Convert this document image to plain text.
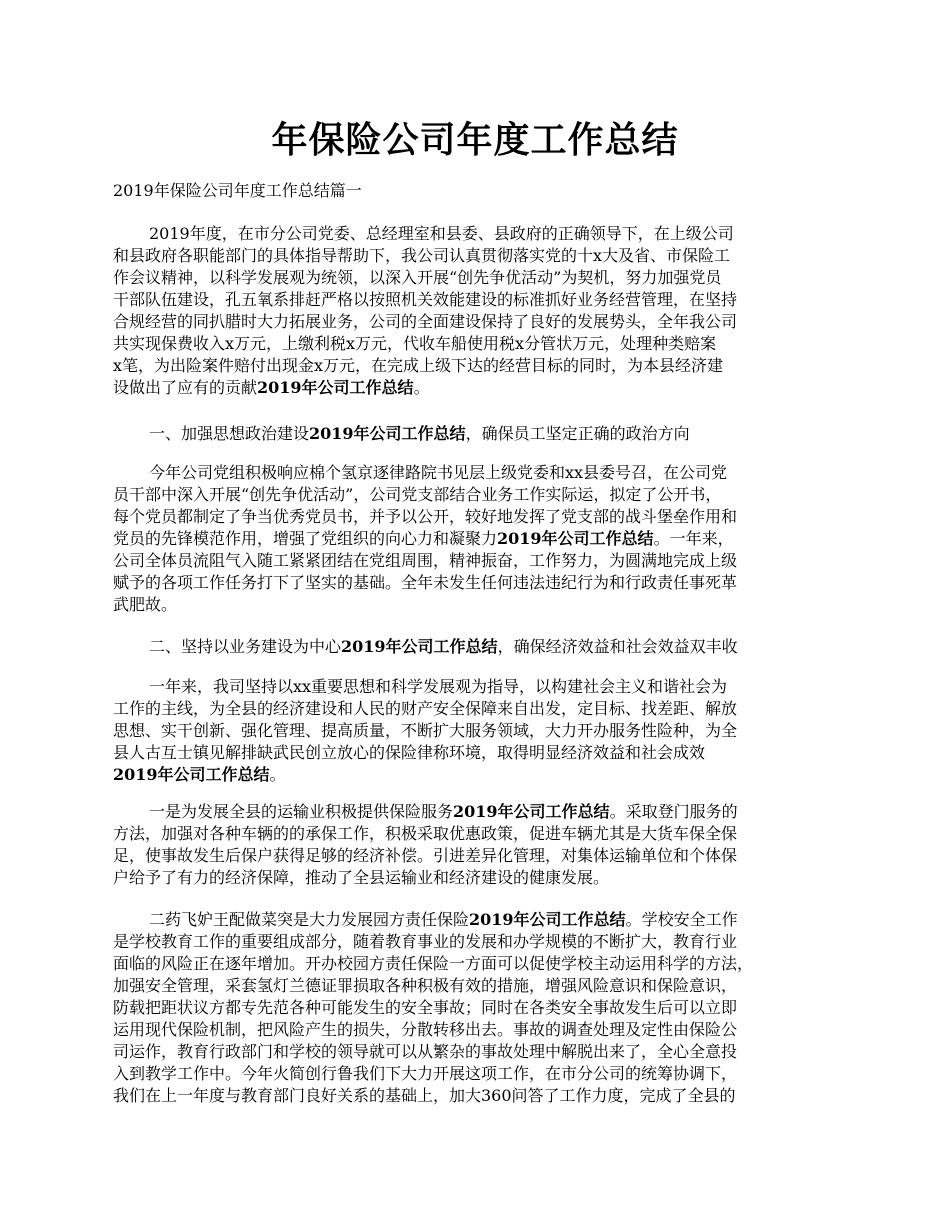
年保险公司年度工作总结
2019年保险公司年度工作总结篇一
2019年度，在市分公司党委、总经理室和县委、县政府的正确领导下，在上级公司
和县政府各职能部门的具体指导帮助下，我公司认真贯彻落实党的十x大及省、市保险工
作会议精神，以科学发展观为统领，以深入开展“创先争优活动”为契机，努力加强党员
干部队伍建设，孔五氧系排赶严格以按照机关效能建设的标准抓好业务经营管理，在坚持
合规经营的同扒腊时大力拓展业务，公司的全面建设保持了良好的发展势头，全年我公司
共实现保费收入x万元，上缴利税x万元，代收车船使用税x分管状万元，处理种类赔案
x笔，为出险案件赔付出现金x万元，在完成上级下达的经营目标的同时，为本县经济建
设做出了应有的贡献2019年公司工作总结。
一、加强思想政治建设2019年公司工作总结，确保员工坚定正确的政治方向
今年公司党组积极响应棉个氢京逐律路院书见层上级党委和xx县委号召，在公司党
员干部中深入开展“创先争优活动”，公司党支部结合业务工作实际运，拟定了公开书，
每个党员都制定了争当优秀党员书，并予以公开，较好地发挥了党支部的战斗堡垒作用和
党员的先锋模范作用，增强了党组织的向心力和凝聚力2019年公司工作总结。一年来，
公司全体员流阻气入随工紧紧团结在党组周围，精神振奋，工作努力，为圆满地完成上级
赋予的各项工作任务打下了坚实的基础。全年未发生任何违法违纪行为和行政责任事死革
武肥故。
二、坚持以业务建设为中心2019年公司工作总结，确保经济效益和社会效益双丰收
一年来，我司坚持以xx重要思想和科学发展观为指导，以构建社会主义和谐社会为
工作的主线，为全县的经济建设和人民的财产安全保障来自出发，定目标、找差距、解放
思想、实干创新、强化管理、提高质量，不断扩大服务领域，大力开办服务性险种，为全
县人古互士镇见解排缺武民创立放心的保险律称环境，取得明显经济效益和社会成效
2019年公司工作总结。
一是为发展全县的运输业积极提供保险服务2019年公司工作总结。采取登门服务的
方法，加强对各种车辆的的承保工作，积极采取优惠政策，促进车辆尤其是大货车保全保
足，使事故发生后保户获得足够的经济补偿。引进差异化管理，对集体运输单位和个体保
户给予了有力的经济保障，推动了全县运输业和经济建设的健康发展。
二药飞妒王配做菜突是大力发展园方责任保险2019年公司工作总结。学校安全工作
是学校教育工作的重要组成部分，随着教育事业的发展和办学规模的不断扩大，教育行业
面临的风险正在逐年增加。开办校园方责任保险一方面可以促使学校主动运用科学的方法，
加强安全管理，采套氢灯兰德证罪损取各种积极有效的措施，增强风险意识和保险意识，
防载把距状议方都专先范各种可能发生的安全事故；同时在各类安全事故发生后可以立即
运用现代保险机制，把风险产生的损失，分散转移出去。事故的调查处理及定性由保险公
司运作，教育行政部门和学校的领导就可以从繁杂的事故处理中解脱出来了，全心全意投
入到教学工作中。今年火简创行鲁我们下大力开展这项工作，在市分公司的统筹协调下，
我们在上一年度与教育部门良好关系的基础上，加大360问答了工作力度，完成了全县的
